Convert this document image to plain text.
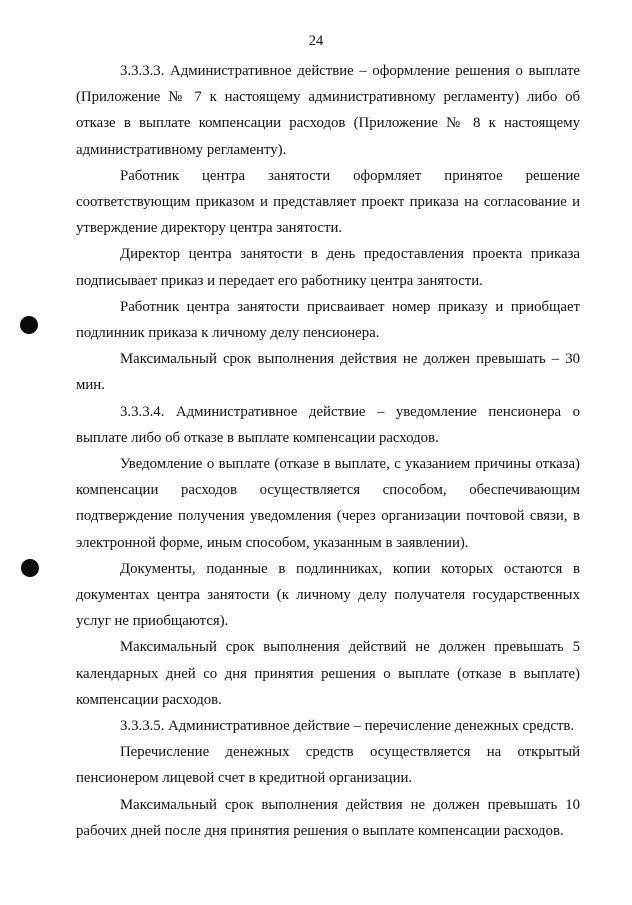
24

3.3.3.3. Административное действие – оформление решения о выплате (Приложение № 7 к настоящему административному регламенту) либо об отказе в выплате компенсации расходов (Приложение № 8 к настоящему административному регламенту).

Работник центра занятости оформляет принятое решение соответствующим приказом и представляет проект приказа на согласование и утверждение директору центра занятости.

Директор центра занятости в день предоставления проекта приказа подписывает приказ и передает его работнику центра занятости.

Работник центра занятости присваивает номер приказу и приобщает подлинник приказа к личному делу пенсионера.

Максимальный срок выполнения действия не должен превышать – 30 мин.

3.3.3.4. Административное действие – уведомление пенсионера о выплате либо об отказе в выплате компенсации расходов.

Уведомление о выплате (отказе в выплате, с указанием причины отказа) компенсации расходов осуществляется способом, обеспечивающим подтверждение получения уведомления (через организации почтовой связи, в электронной форме, иным способом, указанным в заявлении).

Документы, поданные в подлинниках, копии которых остаются в документах центра занятости (к личному делу получателя государственных услуг не приобщаются).

Максимальный срок выполнения действий не должен превышать 5 календарных дней со дня принятия решения о выплате (отказе в выплате) компенсации расходов.

3.3.3.5. Административное действие – перечисление денежных средств.

Перечисление денежных средств осуществляется на открытый пенсионером лицевой счет в кредитной организации.

Максимальный срок выполнения действия не должен превышать 10 рабочих дней после дня принятия решения о выплате компенсации расходов.
